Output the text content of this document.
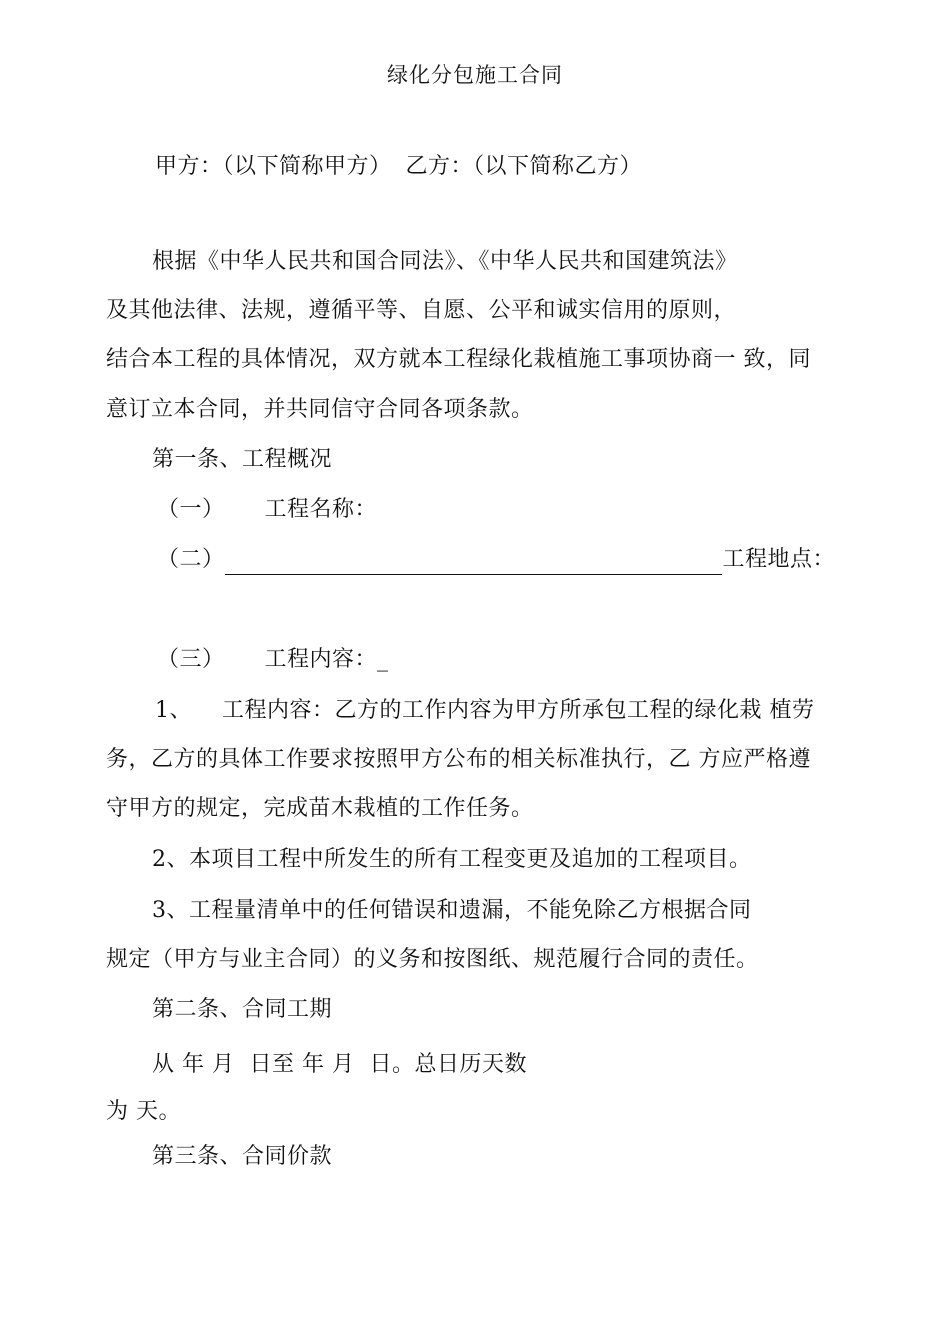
绿化分包施工合同
甲方：（以下简称甲方） 乙方：（以下简称乙方）
根据《中华人民共和国合同法》、《中华人民共和国建筑法》
及其他法律、法规，遵循平等、自愿、公平和诚实信用的原则，
结合本工程的具体情况，双方就本工程绿化栽植施工事项协商一 致，同
意订立本合同，并共同信守合同各项条款。
第一条、工程概况
（一） 工程名称：
（二）	工程地点：
（三） 工程内容：_
1、 工程内容：乙方的工作内容为甲方所承包工程的绿化栽 植劳
务，乙方的具体工作要求按照甲方公布的相关标准执行，乙 方应严格遵
守甲方的规定，完成苗木栽植的工作任务。
2、本项目工程中所发生的所有工程变更及追加的工程项目。
3、工程量清单中的任何错误和遗漏，不能免除乙方根据合同
规定（甲方与业主合同）的义务和按图纸、规范履行合同的责任。
第二条、合同工期
从 年 月  日至 年 月  日。总日历天数
为 天。
第三条、合同价款
